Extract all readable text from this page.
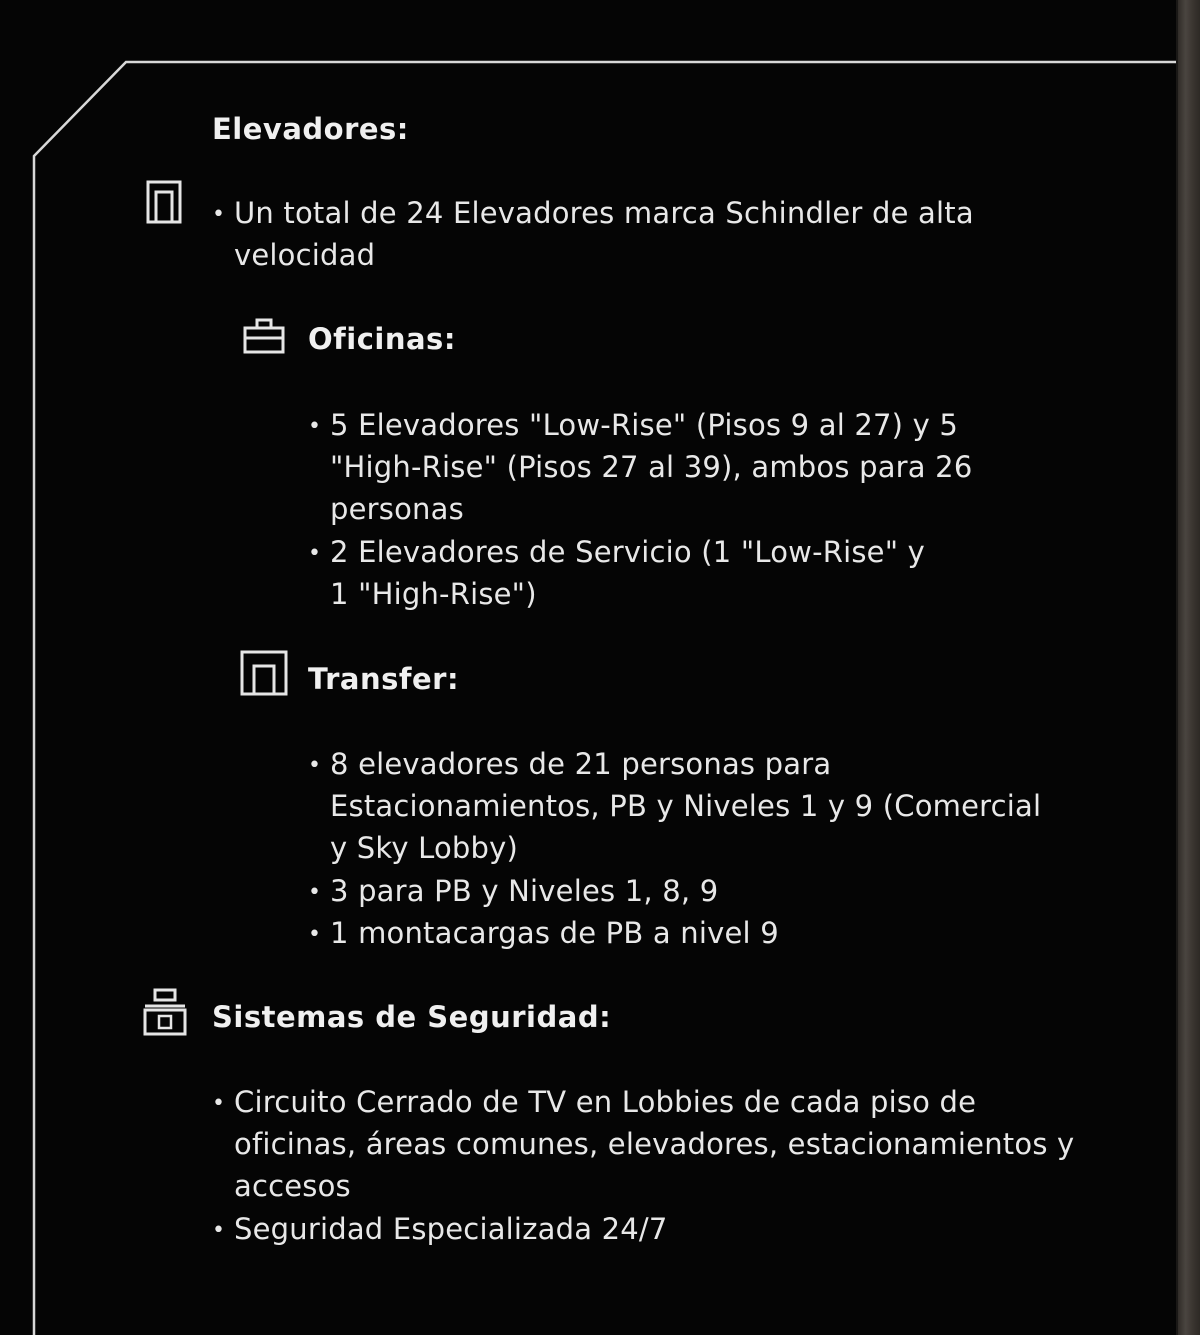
Elevadores:
• Un total de 24 Elevadores marca Schindler de alta
velocidad
Oficinas:
• 5 Elevadores "Low-Rise" (Pisos 9 al 27) y 5
"High-Rise" (Pisos 27 al 39), ambos para 26
personas
• 2 Elevadores de Servicio (1 "Low-Rise" y
1 "High-Rise")
Transfer:
• 8 elevadores de 21 personas para
Estacionamientos, PB y Niveles 1 y 9 (Comercial
y Sky Lobby)
• 3 para PB y Niveles 1, 8, 9
• 1 montacargas de PB a nivel 9
Sistemas de Seguridad:
• Circuito Cerrado de TV en Lobbies de cada piso de
oficinas, áreas comunes, elevadores, estacionamientos y
accesos
• Seguridad Especializada 24/7
